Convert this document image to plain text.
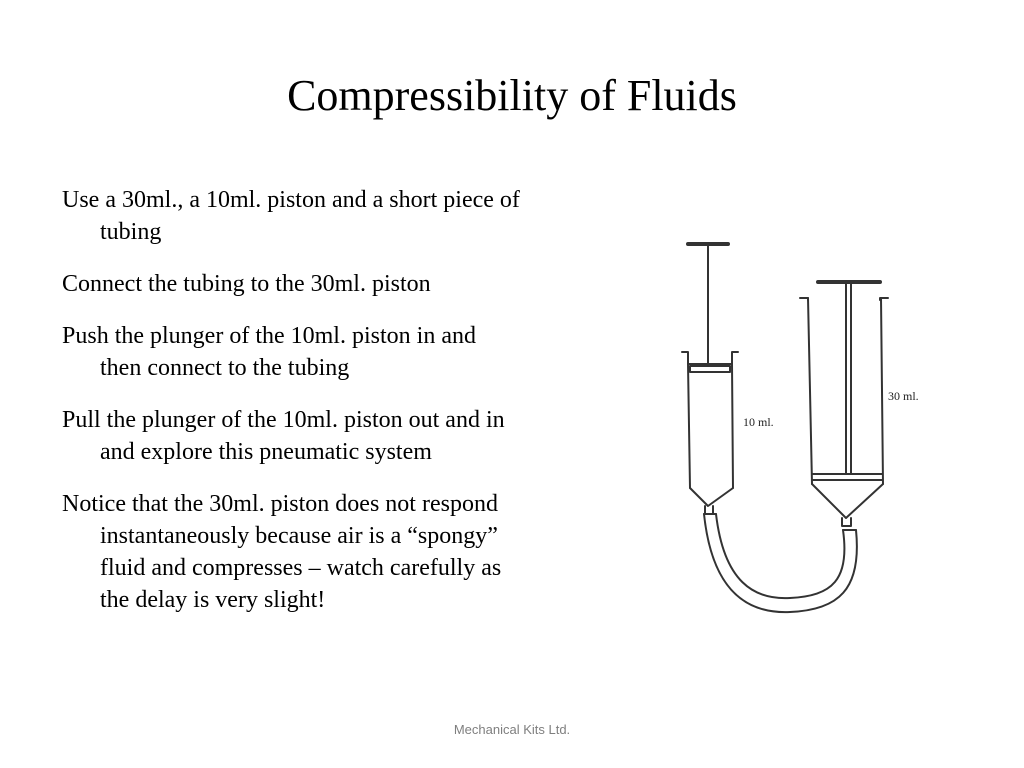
Compressibility of Fluids
Use a 30ml., a 10ml. piston and a short piece of tubing
Connect the tubing to the 30ml. piston
Push the plunger of the 10ml. piston in and then connect to the tubing
Pull the plunger of the 10ml. piston out and in and explore this pneumatic system
Notice that the 30ml. piston does not respond instantaneously because air is a “spongy” fluid and compresses – watch carefully as the delay is very slight!
10 ml.
30 ml.
Mechanical Kits Ltd.
